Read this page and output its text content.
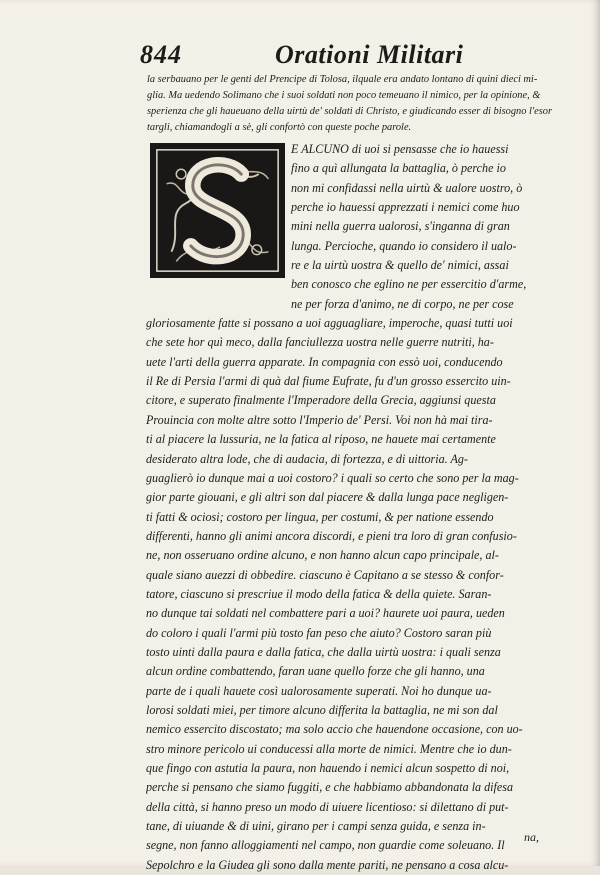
844	Orationi Militari
la serbauano per le genti del Prencipe di Tolosa, ilquale era andato lontano di quini dieci mi-
glia. Ma uedendo Solimano che i suoi soldati non poco temeuano il nimico, per la opinione, &
sperienza che gli haueuano della uirtù de' soldati di Christo, e giudicando esser di bisogno l'esor
targli, chiamandogli a sè, gli confortò con queste poche parole.
E ALCUNO di uoi si pensasse che io hauessi
fino a quì allungata la battaglia, ò perche io
non mi confidassi nella uirtù & ualore uostro, ò
perche io hauessi apprezzati i nemici come huo
mini nella guerra ualorosi, s'inganna di gran
lunga. Percioche, quando io considero il ualo-
re e la uirtù uostra & quello de' nimici, assai
ben conosco che eglino ne per essercitio d'arme,
ne per forza d'animo, ne di corpo, ne per cose
gloriosamente fatte si possano a uoi agguagliare, imperoche, quasi tutti uoi
che sete hor quì meco, dalla fanciullezza uostra nelle guerre nutriti, ha-
uete l'arti della guerra apparate. In compagnia con essò uoi, conducendo
il Re di Persia l'armi di quà dal fiume Eufrate, fu d'un grosso essercito uin-
citore, e superato finalmente l'Imperadore della Grecia, aggiunsi questa
Prouincia con molte altre sotto l'Imperio de' Persi. Voi non hà mai tira-
ti al piacere la lussuria, ne la fatica al riposo, ne hauete mai certamente
desiderato altra lode, che di audacia, di fortezza, e di uittoria. Ag-
guaglierò io dunque mai a uoi costoro? i quali so certo che sono per la mag-
gior parte giouani, e gli altri son dal piacere & dalla lunga pace negligen-
ti fatti & ociosi; costoro per lingua, per costumi, & per natione essendo
differenti, hanno gli animi ancora discordi, e pieni tra loro di gran confusio-
ne, non osseruano ordine alcuno, e non hanno alcun capo principale, al-
quale siano auezzi di obbedire. ciascuno è Capitano a se stesso & confor-
tatore, ciascuno si prescriue il modo della fatica & della quiete. Saran-
no dunque tai soldati nel combattere pari a uoi? haurete uoi paura, ueden
do coloro i quali l'armi più tosto fan peso che aiuto? Costoro saran più
tosto uinti dalla paura e dalla fatica, che dalla uirtù uostra: i quali senza
alcun ordine combattendo, faran uane quello forze che gli hanno, una
parte de i quali hauete così ualorosamente superati. Noi ho dunque ua-
lorosi soldati miei, per timore alcuno differita la battaglia, ne mi son dal
nemico essercito discostato; ma solo accio che hauendone occasione, con uo-
stro minore pericolo ui conducessi alla morte de nimici. Mentre che io dun-
que fingo con astutia la paura, non hauendo i nemici alcun sospetto di noi,
perche si pensano che siamo fuggiti, e che habbiamo abbandonata la difesa
della città, si hanno preso un modo di uiuere licentioso: si dilettano di put-
tane, di uiuande & di uini, girano per i campi senza guida, e senza in-
segne, non fanno alloggiamenti nel campo, non guardie come soleuano. Il
Sepolchro e la Giudea gli sono dalla mente pariti, ne pensano a cosa alcu-
na,
